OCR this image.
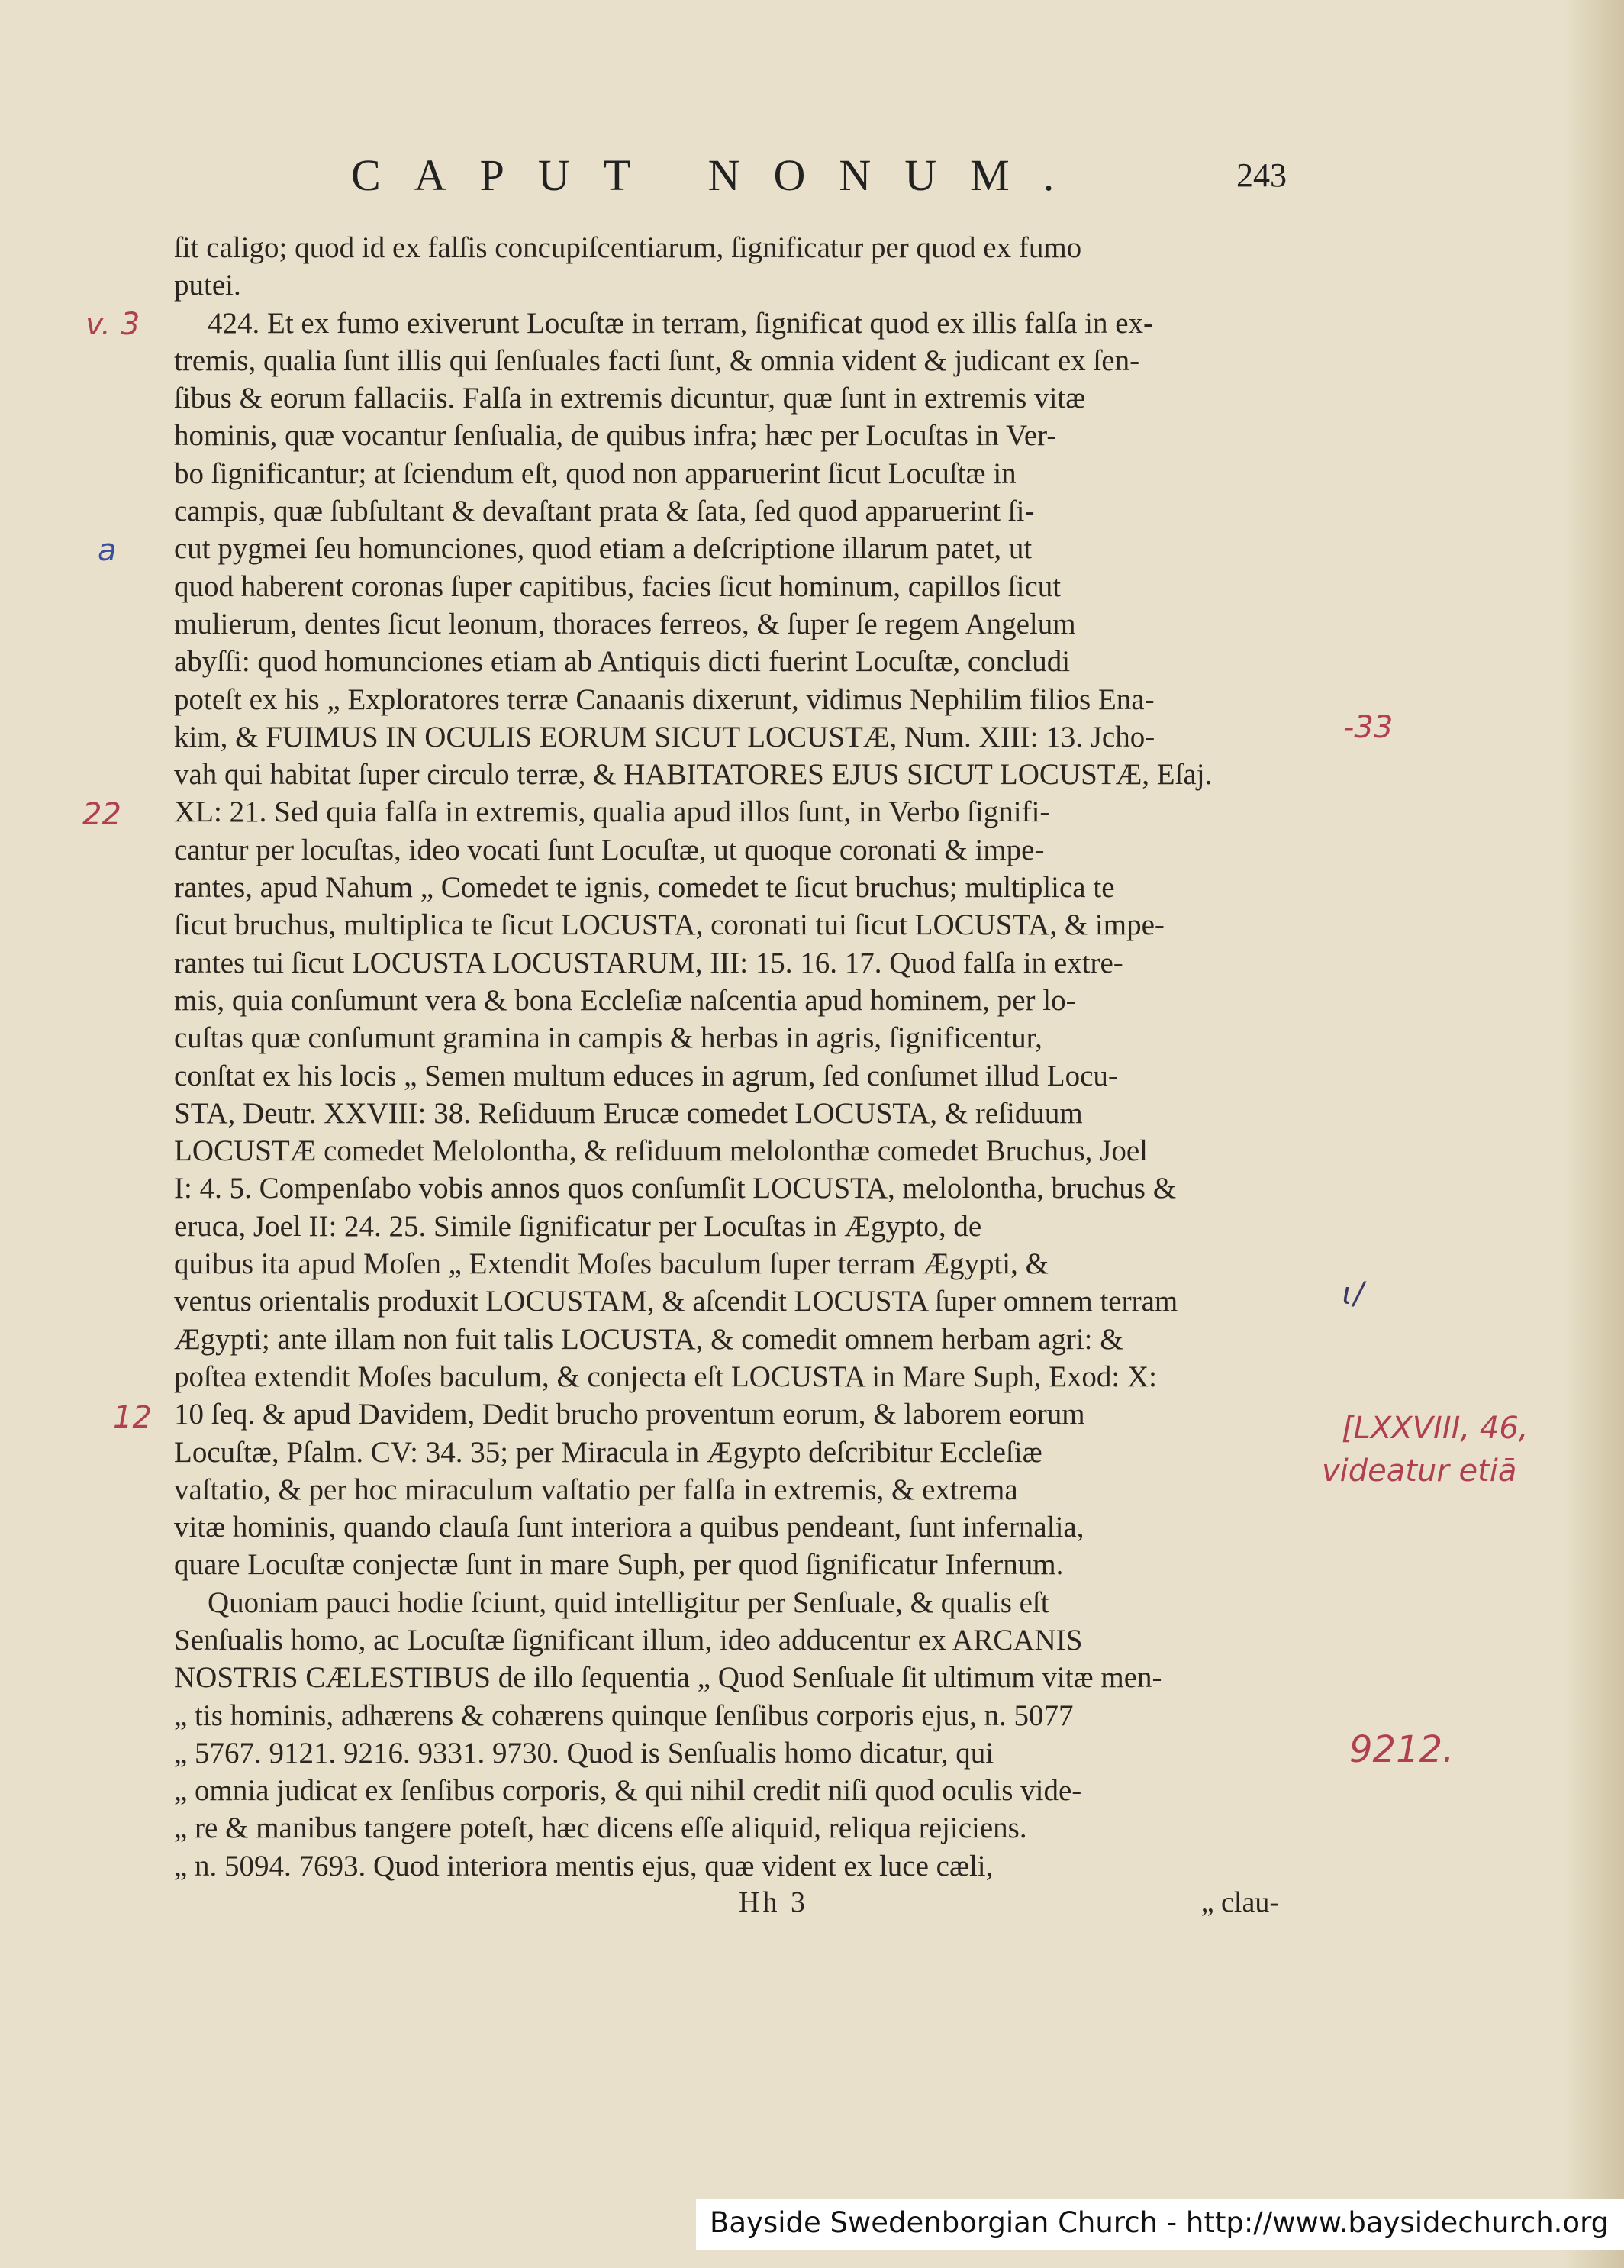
CAPUT NONUM.	243
ſit caligo; quod id ex falſis concupiſcentiarum, ſignificatur per quod ex fumo
putei.
424. Et ex fumo exiverunt Locuſtæ in terram, ſignificat quod ex illis falſa in ex-
tremis, qualia ſunt illis qui ſenſuales facti ſunt, & omnia vident & judicant ex ſen-
ſibus & eorum fallaciis. Falſa in extremis dicuntur, quæ ſunt in extremis vitæ
hominis, quæ vocantur ſenſualia, de quibus infra; hæc per Locuſtas in Ver-
bo ſignificantur; at ſciendum eſt, quod non apparuerint ſicut Locuſtæ in
campis, quæ ſubſultant & devaſtant prata & ſata, ſed quod apparuerint ſi-
cut pygmei ſeu homunciones, quod etiam a deſcriptione illarum patet, ut
quod haberent coronas ſuper capitibus, facies ſicut hominum, capillos ſicut
mulierum, dentes ſicut leonum, thoraces ferreos, & ſuper ſe regem Angelum
abyſſi: quod homunciones etiam ab Antiquis dicti fuerint Locuſtæ, concludi
poteſt ex his „ Exploratores terræ Canaanis dixerunt, vidimus Nephilim filios Ena-
kim, & FUIMUS IN OCULIS EORUM SICUT LOCUSTÆ, Num. XIII: 13. Jcho-
vah qui habitat ſuper circulo terræ, & HABITATORES EJUS SICUT LOCUSTÆ, Eſaj.
XL: 21. Sed quia falſa in extremis, qualia apud illos ſunt, in Verbo ſignifi-
cantur per locuſtas, ideo vocati ſunt Locuſtæ, ut quoque coronati & impe-
rantes, apud Nahum „ Comedet te ignis, comedet te ſicut bruchus; multiplica te
ſicut bruchus, multiplica te ſicut LOCUSTA, coronati tui ſicut LOCUSTA, & impe-
rantes tui ſicut LOCUSTA LOCUSTARUM, III: 15. 16. 17. Quod falſa in extre-
mis, quia conſumunt vera & bona Eccleſiæ naſcentia apud hominem, per lo-
cuſtas quæ conſumunt gramina in campis & herbas in agris, ſignificentur,
conſtat ex his locis „ Semen multum educes in agrum, ſed conſumet illud Locu-
STA, Deutr. XXVIII: 38. Reſiduum Erucæ comedet LOCUSTA, & reſiduum
LOCUSTÆ comedet Melolontha, & reſiduum melolonthæ comedet Bruchus, Joel
I: 4. 5. Compenſabo vobis annos quos conſumſit LOCUSTA, melolontha, bruchus &
eruca, Joel II: 24. 25. Simile ſignificatur per Locuſtas in Ægypto, de
quibus ita apud Moſen „ Extendit Moſes baculum ſuper terram Ægypti, &
ventus orientalis produxit LOCUSTAM, & aſcendit LOCUSTA ſuper omnem terram
Ægypti; ante illam non fuit talis LOCUSTA, & comedit omnem herbam agri: &
poſtea extendit Moſes baculum, & conjecta eſt LOCUSTA in Mare Suph, Exod: X:
10 ſeq. & apud Davidem, Dedit brucho proventum eorum, & laborem eorum
Locuſtæ, Pſalm. CV: 34. 35; per Miracula in Ægypto deſcribitur Eccleſiæ
vaſtatio, & per hoc miraculum vaſtatio per falſa in extremis, & extrema
vitæ hominis, quando clauſa ſunt interiora a quibus pendeant, ſunt infernalia,
quare Locuſtæ conjectæ ſunt in mare Suph, per quod ſignificatur Infernum.
Quoniam pauci hodie ſciunt, quid intelligitur per Senſuale, & qualis eſt
Senſualis homo, ac Locuſtæ ſignificant illum, ideo adducentur ex ARCANIS
NOSTRIS CÆLESTIBUS de illo ſequentia „ Quod Senſuale ſit ultimum vitæ men-
„ tis hominis, adhærens & cohærens quinque ſenſibus corporis ejus, n. 5077
„ 5767. 9121. 9216. 9331. 9730. Quod is Senſualis homo dicatur, qui
„ omnia judicat ex ſenſibus corporis, & qui nihil credit niſi quod oculis vide-
„ re & manibus tangere poteſt, hæc dicens eſſe aliquid, reliqua rejiciens.
„ n. 5094. 7693. Quod interiora mentis ejus, quæ vident ex luce cæli,
Hh 3	„ clau-
v. 3
a
22
12
-33
ɩ/
[LXXVIII, 46,
videatur etiā
9212.
Bayside Swedenborgian Church - http://www.baysidechurch.org
